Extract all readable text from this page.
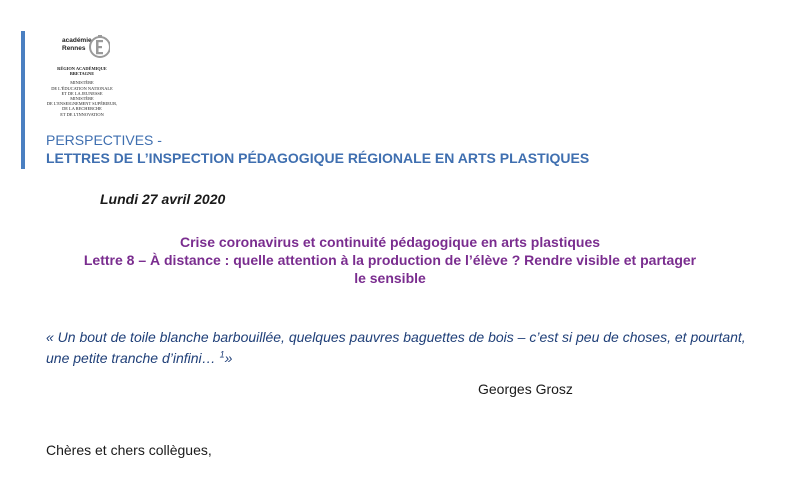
académie
Rennes
RÉGION ACADÉMIQUE BRETAGNE
MINISTÈRE
DE L'ÉDUCATION NATIONALE
ET DE LA JEUNESSE
MINISTÈRE
DE L'ENSEIGNEMENT SUPÉRIEUR,
DE LA RECHERCHE
ET DE L'INNOVATION
PERSPECTIVES -
LETTRES DE L’INSPECTION PÉDAGOGIQUE RÉGIONALE EN ARTS PLASTIQUES
Lundi 27 avril 2020
Crise coronavirus et continuité pédagogique en arts plastiques
Lettre 8 – À distance : quelle attention à la production de l’élève ? Rendre visible et partager
le sensible
« Un bout de toile blanche barbouillée, quelques pauvres baguettes de bois – c’est si peu de choses, et pourtant, une petite tranche d’infini… $^1$»
Georges Grosz
Chères et chers collègues,
